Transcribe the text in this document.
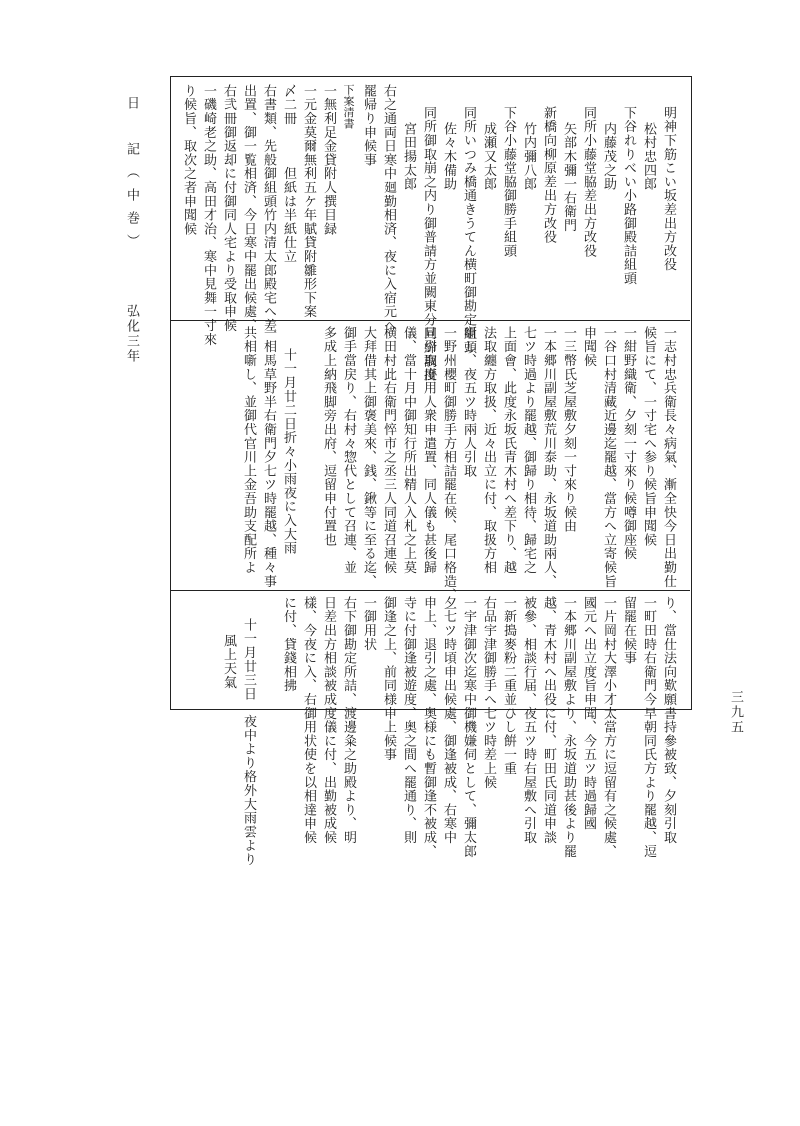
日　記（中巻） 弘化三年
明神下筋こい坂差出方改役
松村忠四郎
下谷れりべい小路御殿詰組頭
内藤茂之助
同所小藤堂脇差出方改役
矢部木彌一右衛門
新橋向柳原差出方改役
竹内彌八郎
下谷小藤堂脇御勝手組頭
成瀬又太郎
同所いつみ橋通きうてん横町御勘定組頭
佐々木備助
同所御取崩之内り御普請方並闕東分同締調掛
宮田揚太郎
右之通両日寒中廻勤相済、夜に入宿元へ
罷帰り申候事
下案清書
一無利足金貸附人撰目録
一元金莫爾無利五ケ年賦貸附雛形下案
〆二冊　　　但紙は半紙仕立
右書類、先般御組頭竹内清太郎殿宅へ差
出置、御一覧相済、今日寒中罷出候處、
右弐冊御返却に付御同人宅より受取申候
一磯崎老之助、高田才治、寒中見舞一寸來
り候旨、取次之者申聞候
一志村忠兵衛長々病氣、漸全快今日出勤仕
候旨にて、一寸宅へ参り候旨申聞候
一紺野織衛、夕刻一寸來り候噂御座候
一谷口村清藏近邊迄罷越、當方へ立寄候旨
申聞候
一三幣氏芝屋敷夕刻一寸來り候由
一本郷川副屋敷荒川泰助、永坂道助兩人、
七ツ時過より罷越、御歸り相待、歸宅之
上面會、此度永坂氏青木村へ差下り、越
法取纏方取扱、近々出立に付、取扱方相
噺し、夜五ツ時兩人引取
一野州櫻町御勝手方相詰罷在候、尾口格造、一
旦引取度用人衆申遣置、同人儀も甚後歸
儀、當十月中御知行所出精人入札之上莫
横田村此右衛門悴市之丞三人同道召連候
大拜借其上御褒美來、銭、鍬等に至る迄、
御手當戻り、右村々惣代として召連、並
多成上納飛脚旁出府、逗留申付置也
十一月廿二日折々小雨夜に入大雨
一相馬草野半右衛門夕七ツ時罷越、種々事
共相噺し、並御代官川上金吾助支配所よ
り、當仕法向歎願書持參被致、夕刻引取
一町田時右衛門今早朝同氏方より罷越、逗
留罷在候事
一片岡村大澤小才太當方に逗留有之候處、
國元へ出立度旨申聞、今五ツ時過歸國
一本郷川副屋敷より、永坂道助甚後より罷
越、青木村へ出役に付、町田氏同道申談
被參、相談行届、夜五ツ時右屋敷へ引取
一新搗麥粉二重並ひし餠一重
右品宇津御勝手へ七ツ時差上候
一宇津御次迄寒中御機嫌伺として、彌太郎
夕七ツ時頃申出候處、御逢被成、右寒中
申上、退引之處、奥様にも暫御逢不被成、
寺に付御逢被遊度、奥之間へ罷通り、則
御逢之上、前同様申上候事
一御用状
右下御勘定所詰、渡邊粂之助殿より、明
日差出方相談被成度儀に付、出勤被成候
樣、今夜に入、右御用状使を以相達申候
に付、貸錢相拂
十一月廿三日　夜中より格外大雨雲より
風上天氣
三九五
